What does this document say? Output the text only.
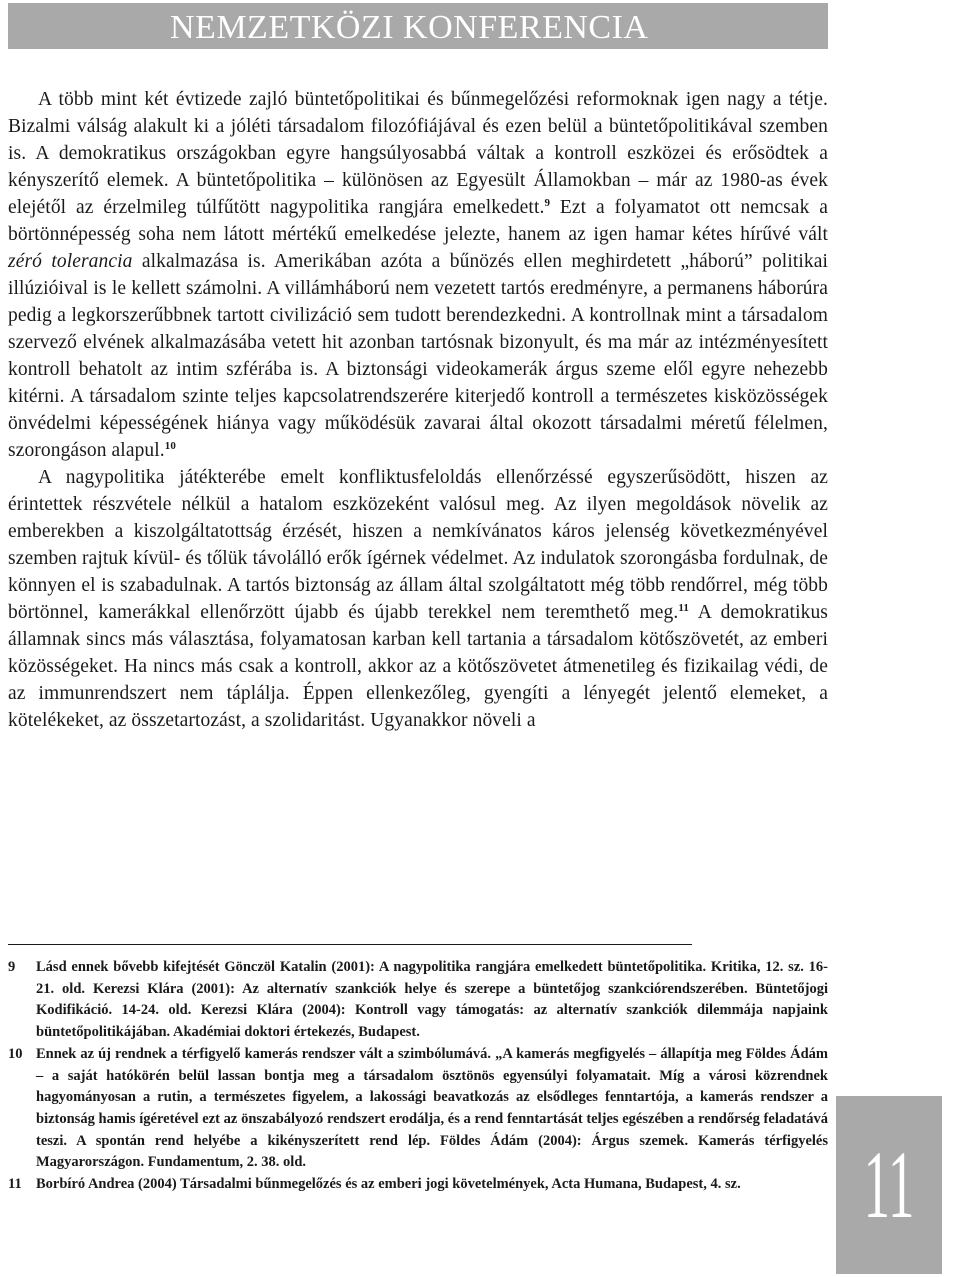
NEMZETKÖZI KONFERENCIA

A több mint két évtizede zajló büntetőpolitikai és bűnmegelőzési reformoknak igen nagy a tétje. Bizalmi válság alakult ki a jóléti társadalom filozófiájával és ezen belül a büntetőpolitikával szemben is. A demokratikus országokban egyre hangsúlyosabbá váltak a kontroll eszközei és erősödtek a kényszerítő elemek. A büntetőpolitika – különösen az Egyesült Államokban – már az 1980-as évek elejétől az érzelmileg túlfűtött nagypolitika rangjára emelkedett.$^9$ Ezt a folyamatot ott nemcsak a börtönnépesség soha nem látott mértékű emelkedése jelezte, hanem az igen hamar kétes hírűvé vált zéró tolerancia alkalmazása is. Amerikában azóta a bűnözés ellen meghirdetett „háború” politikai illúzióival is le kellett számolni. A villámháború nem vezetett tartós eredményre, a permanens háborúra pedig a legkorszerűbbnek tartott civilizáció sem tudott berendezkedni. A kontrollnak mint a társadalom szervező elvének alkalmazásába vetett hit azonban tartósnak bizonyult, és ma már az intézményesített kontroll behatolt az intim szférába is. A biztonsági videokamerák árgus szeme elől egyre nehezebb kitérni. A társadalom szinte teljes kapcsolatrendszerére kiterjedő kontroll a természetes kisközösségek önvédelmi képességének hiánya vagy működésük zavarai által okozott társadalmi méretű félelmen, szorongáson alapul.$^{10}$

A nagypolitika játékterébe emelt konfliktusfeloldás ellenőrzéssé egyszerűsödött, hiszen az érintettek részvétele nélkül a hatalom eszközeként valósul meg. Az ilyen megoldások növelik az emberekben a kiszolgáltatottság érzését, hiszen a nemkívánatos káros jelenség következményével szemben rajtuk kívül- és tőlük távolálló erők ígérnek védelmet. Az indulatok szorongásba fordulnak, de könnyen el is szabadulnak. A tartós biztonság az állam által szolgáltatott még több rendőrrel, még több börtönnel, kamerákkal ellenőrzött újabb és újabb terekkel nem teremthető meg.$^{11}$ A demokratikus államnak sincs más választása, folyamatosan karban kell tartania a társadalom kötőszövetét, az emberi közösségeket. Ha nincs más csak a kontroll, akkor az a kötőszövetet átmenetileg és fizikailag védi, de az immunrendszert nem táplálja. Éppen ellenkezőleg, gyengíti a lényegét jelentő elemeket, a kötelékeket, az összetartozást, a szolidaritást. Ugyanakkor növeli a

9	Lásd ennek bővebb kifejtését Gönczöl Katalin (2001): A nagypolitika rangjára emelkedett büntetőpolitika. Kritika, 12. sz. 16-21. old. Kerezsi Klára (2001): Az alternatív szankciók helye és szerepe a büntetőjog szankciórendszerében. Büntetőjogi Kodifikáció. 14-24. old. Kerezsi Klára (2004): Kontroll vagy támogatás: az alternatív szankciók dilemmája napjaink büntetőpolitikájában. Akadémiai doktori értekezés, Budapest.
10 Ennek az új rendnek a térfigyelő kamerás rendszer vált a szimbólumává. „A kamerás megfigyelés – állapítja meg Földes Ádám – a saját hatókörén belül lassan bontja meg a társadalom ösztönös egyensúlyi folyamatait. Míg a városi közrendnek hagyományosan a rutin, a természetes figyelem, a lakossági beavatkozás az elsődleges fenntartója, a kamerás rendszer a biztonság hamis ígéretével ezt az önszabályozó rendszert erodálja, és a rend fenntartását teljes egészében a rendőrség feladatává teszi. A spontán rend helyébe a kikényszerített rend lép. Földes Ádám (2004): Árgus szemek. Kamerás térfigyelés Magyarországon. Fundamentum, 2. 38. old.
11 Borbíró Andrea (2004) Társadalmi bűnmegelőzés és az emberi jogi követelmények, Acta Humana, Budapest, 4. sz.	11
